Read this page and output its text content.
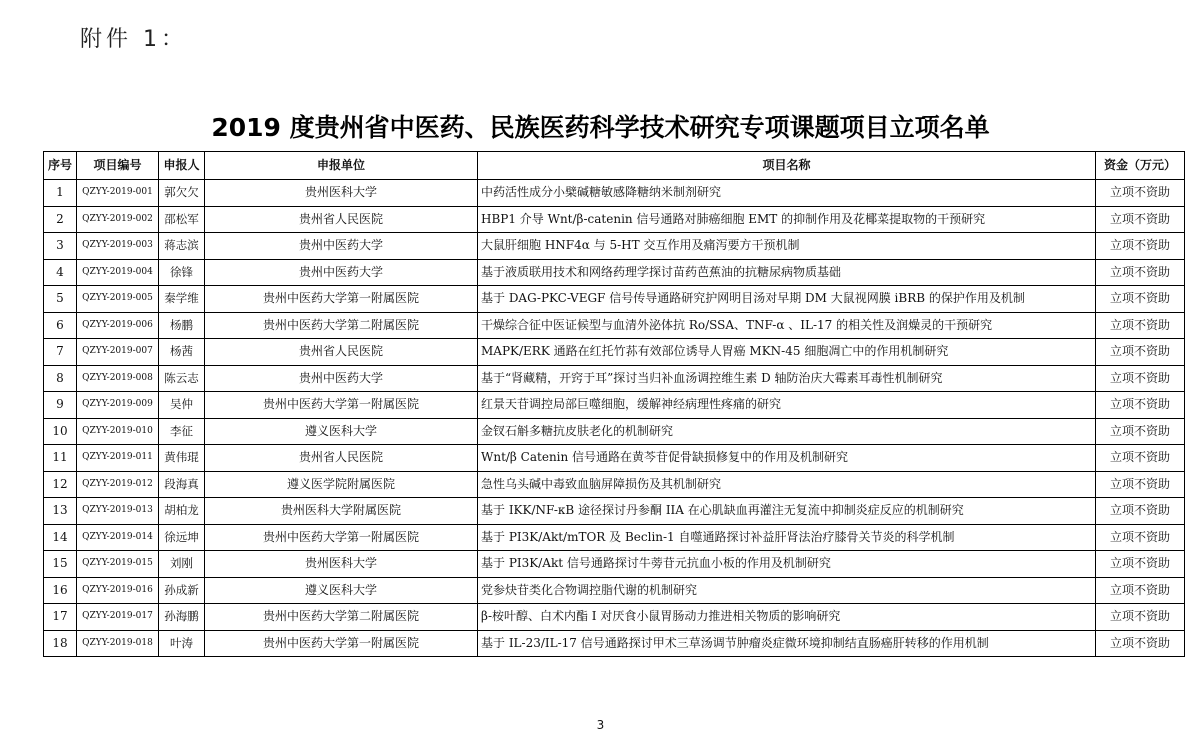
附件 1：
2019 度贵州省中医药、民族医药科学技术研究专项课题项目立项名单
序号	项目编号	申报人	申报单位	项目名称	资金（万元）
1	QZYY-2019-001	郭欠欠	贵州医科大学	中药活性成分小檗碱糖敏感降糖纳米制剂研究	立项不资助
2	QZYY-2019-002	邵松军	贵州省人民医院	HBP1 介导 Wnt/β-catenin 信号通路对肺癌细胞 EMT 的抑制作用及花椰菜提取物的干预研究	立项不资助
3	QZYY-2019-003	蒋志滨	贵州中医药大学	大鼠肝细胞 HNF4α 与 5-HT 交互作用及痛泻要方干预机制	立项不资助
4	QZYY-2019-004	徐锋	贵州中医药大学	基于液质联用技术和网络药理学探讨苗药芭蕉油的抗糖尿病物质基础	立项不资助
5	QZYY-2019-005	秦学维	贵州中医药大学第一附属医院	基于 DAG-PKC-VEGF 信号传导通路研究护网明目汤对早期 DM 大鼠视网膜 iBRB 的保护作用及机制	立项不资助
6	QZYY-2019-006	杨鹏	贵州中医药大学第二附属医院	干燥综合征中医证候型与血清外泌体抗 Ro/SSA、TNF-α 、IL-17 的相关性及润燥灵的干预研究	立项不资助
7	QZYY-2019-007	杨茜	贵州省人民医院	MAPK/ERK 通路在红托竹荪有效部位诱导人胃癌 MKN-45 细胞凋亡中的作用机制研究	立项不资助
8	QZYY-2019-008	陈云志	贵州中医药大学	基于“肾藏精，开窍于耳”探讨当归补血汤调控维生素 D 轴防治庆大霉素耳毒性机制研究	立项不资助
9	QZYY-2019-009	吴仲	贵州中医药大学第一附属医院	红景天苷调控局部巨噬细胞，缓解神经病理性疼痛的研究	立项不资助
10	QZYY-2019-010	李征	遵义医科大学	金钗石斛多糖抗皮肤老化的机制研究	立项不资助
11	QZYY-2019-011	黄伟琨	贵州省人民医院	Wnt/β Catenin 信号通路在黄芩苷促骨缺损修复中的作用及机制研究	立项不资助
12	QZYY-2019-012	段海真	遵义医学院附属医院	急性乌头碱中毒致血脑屏障损伤及其机制研究	立项不资助
13	QZYY-2019-013	胡柏龙	贵州医科大学附属医院	基于 IKK/NF-κB 途径探讨丹参酮 IIA 在心肌缺血再灌注无复流中抑制炎症反应的机制研究	立项不资助
14	QZYY-2019-014	徐远坤	贵州中医药大学第一附属医院	基于 PI3K/Akt/mTOR 及 Beclin-1 自噬通路探讨补益肝肾法治疗膝骨关节炎的科学机制	立项不资助
15	QZYY-2019-015	刘刚	贵州医科大学	基于 PI3K/Akt 信号通路探讨牛蒡苷元抗血小板的作用及机制研究	立项不资助
16	QZYY-2019-016	孙成新	遵义医科大学	党参炔苷类化合物调控脂代谢的机制研究	立项不资助
17	QZYY-2019-017	孙海鹏	贵州中医药大学第二附属医院	β-桉叶醇、白术内酯 I 对厌食小鼠胃肠动力推进相关物质的影响研究	立项不资助
18	QZYY-2019-018	叶涛	贵州中医药大学第一附属医院	基于 IL-23/IL-17 信号通路探讨甲术三草汤调节肿瘤炎症微环境抑制结直肠癌肝转移的作用机制	立项不资助
3
